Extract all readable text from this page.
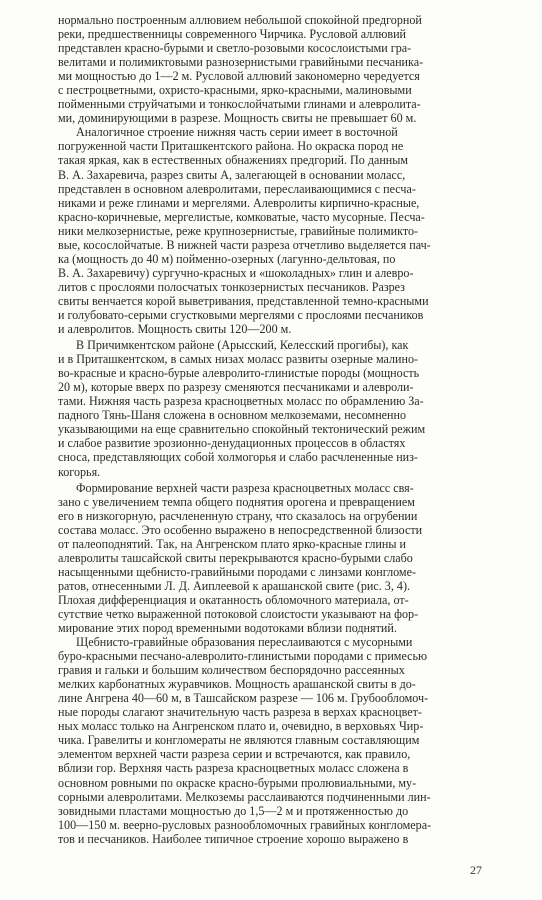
нормально построенным аллювием небольшой спокойной предгорной
реки, предшественницы современного Чирчика. Русловой аллювий
представлен красно-бурыми и светло-розовыми косослоистыми гра-
велитами и полимиктовыми разнозернистыми гравийными песчаника-
ми мощностью до 1—2 м. Русловой аллювий закономерно чередуется
с пестроцветными, охристо-красными, ярко-красными, малиновыми
пойменными струйчатыми и тонкослойчатыми глинами и алевролита-
ми, доминирующими в разрезе. Мощность свиты не превышает 60 м.
Аналогичное строение нижняя часть серии имеет в восточной
погруженной части Приташкентского района. Но окраска пород не
такая яркая, как в естественных обнажениях предгорий. По данным
В. А. Захаревича, разрез свиты А, залегающей в основании моласс,
представлен в основном алевролитами, переслаивающимися с песча-
никами и реже глинами и мергелями. Алевролиты кирпично-красные,
красно-коричневые, мергелистые, комковатые, часто мусорные. Песча-
ники мелкозернистые, реже крупнозернистые, гравийные полимикто-
вые, косослойчатые. В нижней части разреза отчетливо выделяется пач-
ка (мощность до 40 м) пойменно-озерных (лагунно-дельтовая, по
В. А. Захаревичу) сургучно-красных и «шоколадных» глин и алевро-
литов с прослоями полосчатых тонкозернистых песчаников. Разрез
свиты венчается корой выветривания, представленной темно-красными
и голубовато-серыми сгустковыми мергелями с прослоями песчаников
и алевролитов. Мощность свиты 120—200 м.
В Причимкентском районе (Арысский, Келесский прогибы), как
и в Приташкентском, в самых низах моласс развиты озерные малино-
во-красные и красно-бурые алевролито-глинистые породы (мощность
20 м), которые вверх по разрезу сменяются песчаниками и алевроли-
тами. Нижняя часть разреза красноцветных моласс по обрамлению За-
падного Тянь-Шаня сложена в основном мелкоземами, несомненно
указывающими на еще сравнительно спокойный тектонический режим
и слабое развитие эрозионно-денудационных процессов в областях
сноса, представляющих собой холмогорья и слабо расчлененные низ-
когорья.
Формирование верхней части разреза красноцветных моласс свя-
зано с увеличением темпа общего поднятия орогена и превращением
его в низкогорную, расчлененную страну, что сказалось на огрубении
состава моласс. Это особенно выражено в непосредственной близости
от палеоподнятий. Так, на Ангренском плато ярко-красные глины и
алевролиты ташсайской свиты перекрываются красно-бурыми слабо
насыщенными щебнисто-гравийными породами с линзами конгломе-
ратов, отнесенными Л. Д. Аиплеевой к арашанской свите (рис. 3, 4).
Плохая дифференциация и окатанность обломочного материала, от-
сутствие четко выраженной потоковой слоистости указывают на фор-
мирование этих пород временными водотоками вблизи поднятий.
Щебнисто-гравийные образования переслаиваются с мусорными
буро-красными песчано-алевролито-глинистыми породами с примесью
гравия и гальки и большим количеством беспорядочно рассеянных
мелких карбонатных журавчиков. Мощность арашанской свиты в до-
лине Ангрена 40—60 м, в Ташсайском разрезе — 106 м. Грубообломоч-
ные породы слагают значительную часть разреза в верхах красноцвет-
ных моласс только на Ангренском плато и, очевидно, в верховьях Чир-
чика. Гравелиты и конгломераты не являются главным составляющим
элементом верхней части разреза серии и встречаются, как правило,
вблизи гор. Верхняя часть разреза красноцветных моласс сложена в
основном ровными по окраске красно-бурыми пролювиальными, му-
сорными алевролитами. Мелкоземы расслаиваются подчиненными лин-
зовидными пластами мощностью до 1,5—2 м и протяженностью до
100—150 м. веерно-русловых разнообломочных гравийных конгломера-
тов и песчаников. Наиболее типичное строение хорошо выражено в
27
